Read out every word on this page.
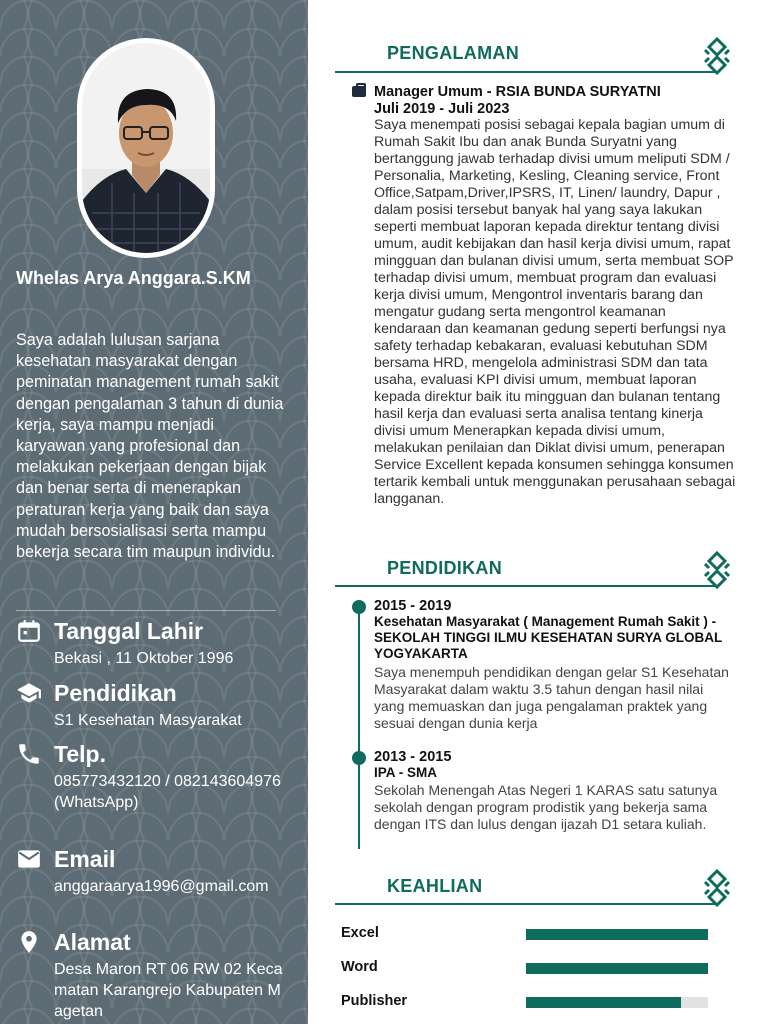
Whelas Arya Anggara.S.KM
Saya adalah lulusan sarjana kesehatan masyarakat dengan peminatan management rumah sakit dengan pengalaman 3 tahun di dunia kerja, saya mampu menjadi karyawan yang profesional dan melakukan pekerjaan dengan bijak dan benar serta di menerapkan peraturan kerja yang baik dan saya mudah bersosialisasi serta mampu bekerja secara tim maupun individu.
Tanggal Lahir
Bekasi , 11 Oktober 1996
Pendidikan
S1 Kesehatan Masyarakat
Telp.
085773432120 / 082143604976(WhatsApp)
Email
anggaraarya1996@gmail.com
Alamat
Desa Maron RT 06 RW 02 Kecamatan Karangrejo Kabupaten Magetan
PENGALAMAN
Manager Umum - RSIA BUNDA SURYATNI
Juli 2019 - Juli 2023
Saya menempati posisi sebagai kepala bagian umum di Rumah Sakit Ibu dan anak Bunda Suryatni yang bertanggung jawab terhadap divisi umum meliputi SDM / Personalia, Marketing, Kesling, Cleaning service, Front Office,Satpam,Driver,IPSRS, IT, Linen/ laundry, Dapur , dalam posisi tersebut banyak hal yang saya lakukan seperti membuat laporan kepada direktur tentang divisi umum, audit kebijakan dan hasil kerja divisi umum, rapat mingguan dan bulanan divisi umum, serta membuat SOP terhadap divisi umum, membuat program dan evaluasi kerja divisi umum, Mengontrol inventaris barang dan mengatur gudang serta mengontrol keamanan kendaraan dan keamanan gedung seperti berfungsi nya safety terhadap kebakaran, evaluasi kebutuhan SDM bersama HRD, mengelola administrasi SDM dan tata usaha, evaluasi KPI divisi umum, membuat laporan kepada direktur baik itu mingguan dan bulanan tentang hasil kerja dan evaluasi serta analisa tentang kinerja divisi umum Menerapkan kepada divisi umum, melakukan penilaian dan Diklat divisi umum, penerapan Service Excellent kepada konsumen sehingga konsumen tertarik kembali untuk menggunakan perusahaan sebagai langganan.
PENDIDIKAN
2015 - 2019
Kesehatan Masyarakat ( Management Rumah Sakit ) - SEKOLAH TINGGI ILMU KESEHATAN SURYA GLOBAL YOGYAKARTA
Saya menempuh pendidikan dengan gelar S1 Kesehatan Masyarakat dalam waktu 3.5 tahun dengan hasil nilai yang memuaskan dan juga pengalaman praktek yang sesuai dengan dunia kerja
2013 - 2015
IPA - SMA
Sekolah Menengah Atas Negeri 1 KARAS satu satunya sekolah dengan program prodistik yang bekerja sama dengan ITS dan lulus dengan ijazah D1 setara kuliah.
KEAHLIAN
Excel
Word
Publisher
